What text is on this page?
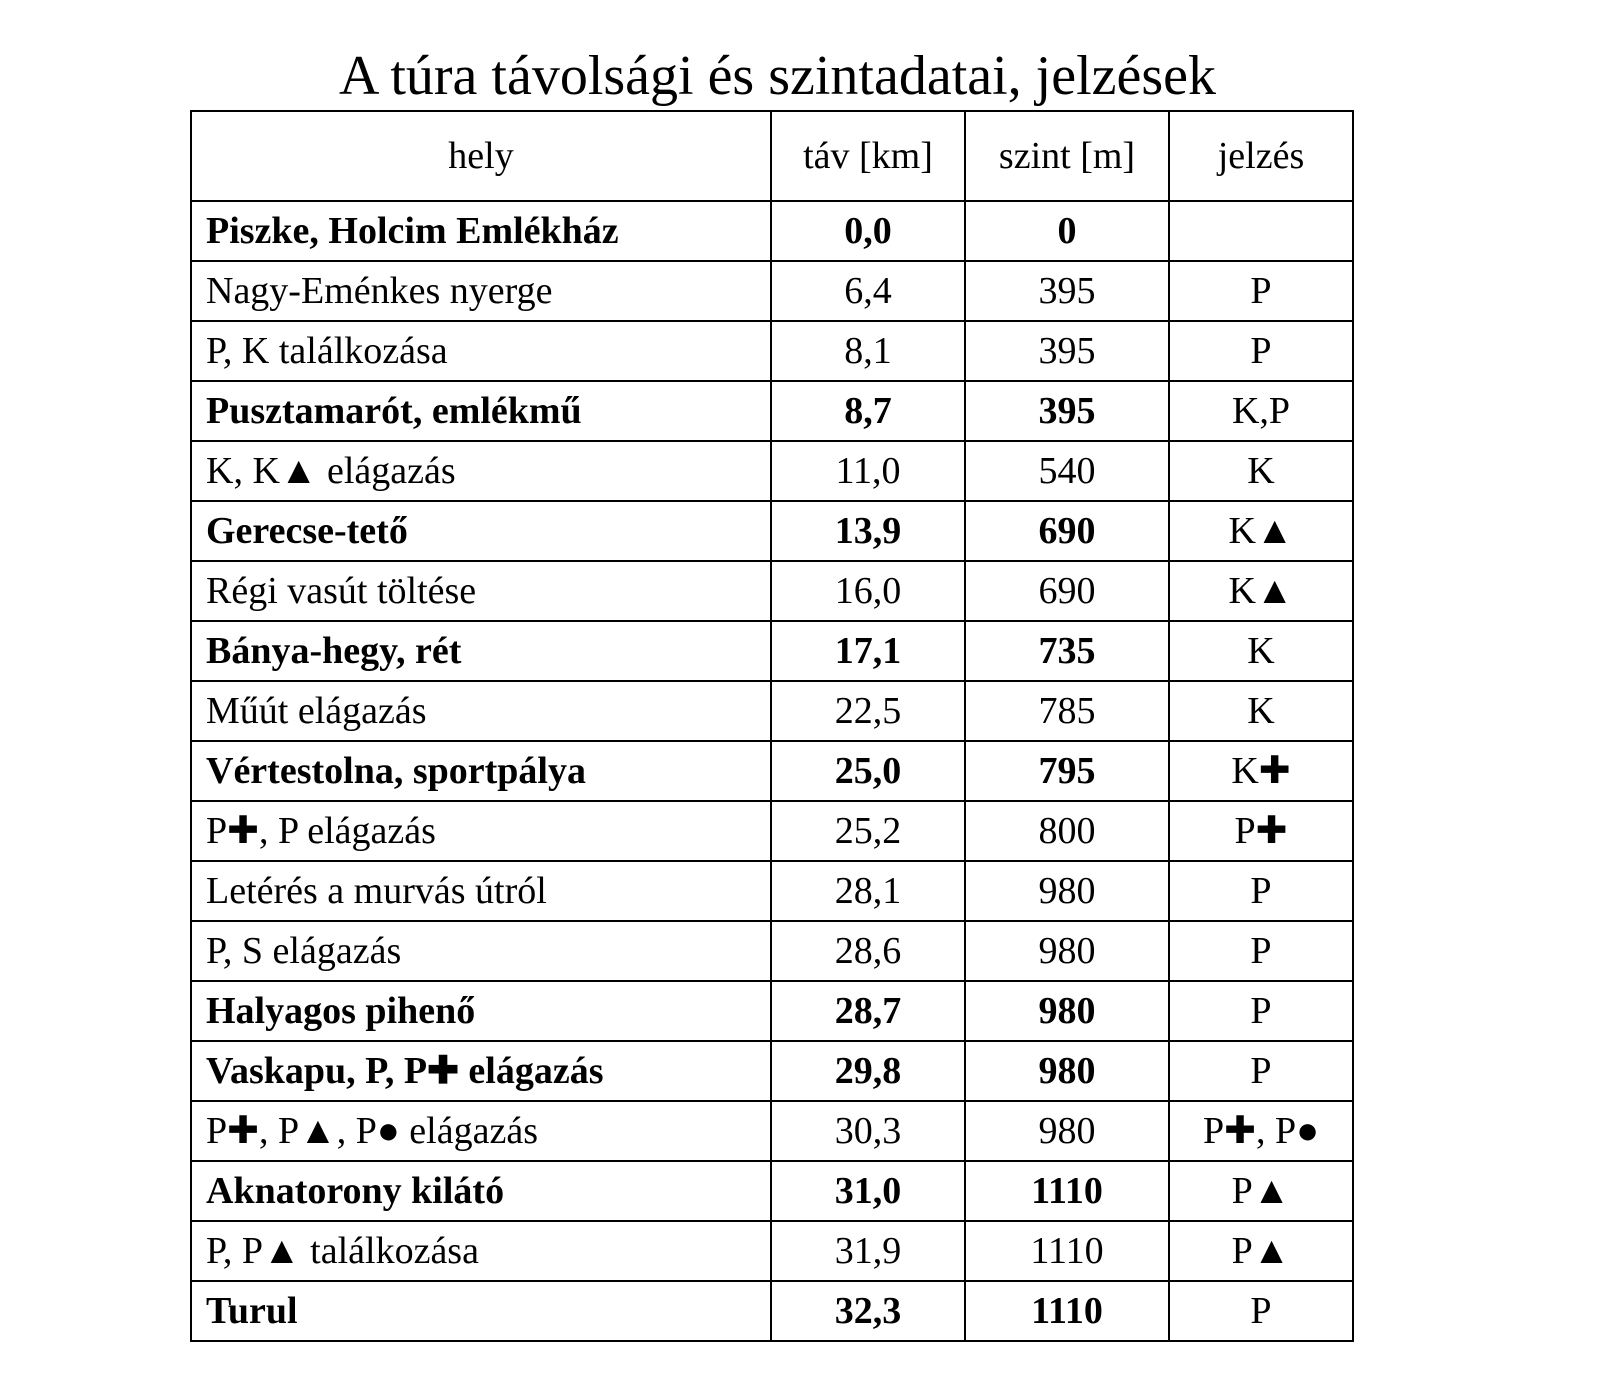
A túra távolsági és szintadatai, jelzések
hely	táv [km]	szint [m]	jelzés
Piszke, Holcim Emlékház	0,0	0	
Nagy-Eménkes nyerge	6,4	395	P
P, K találkozása	8,1	395	P
Pusztamarót, emlékmű	8,7	395	K,P
K, K▲ elágazás	11,0	540	K
Gerecse-tető	13,9	690	K▲
Régi vasút töltése	16,0	690	K▲
Bánya-hegy, rét	17,1	735	K
Műút elágazás	22,5	785	K
Vértestolna, sportpálya	25,0	795	K✚
P✚, P elágazás	25,2	800	P✚
Letérés a murvás útról	28,1	980	P
P, S elágazás	28,6	980	P
Halyagos pihenő	28,7	980	P
Vaskapu, P, P✚ elágazás	29,8	980	P
P✚, P▲, P● elágazás	30,3	980	P✚, P●
Aknatorony kilátó	31,0	1110	P▲
P, P▲ találkozása	31,9	1110	P▲
Turul	32,3	1110	P
